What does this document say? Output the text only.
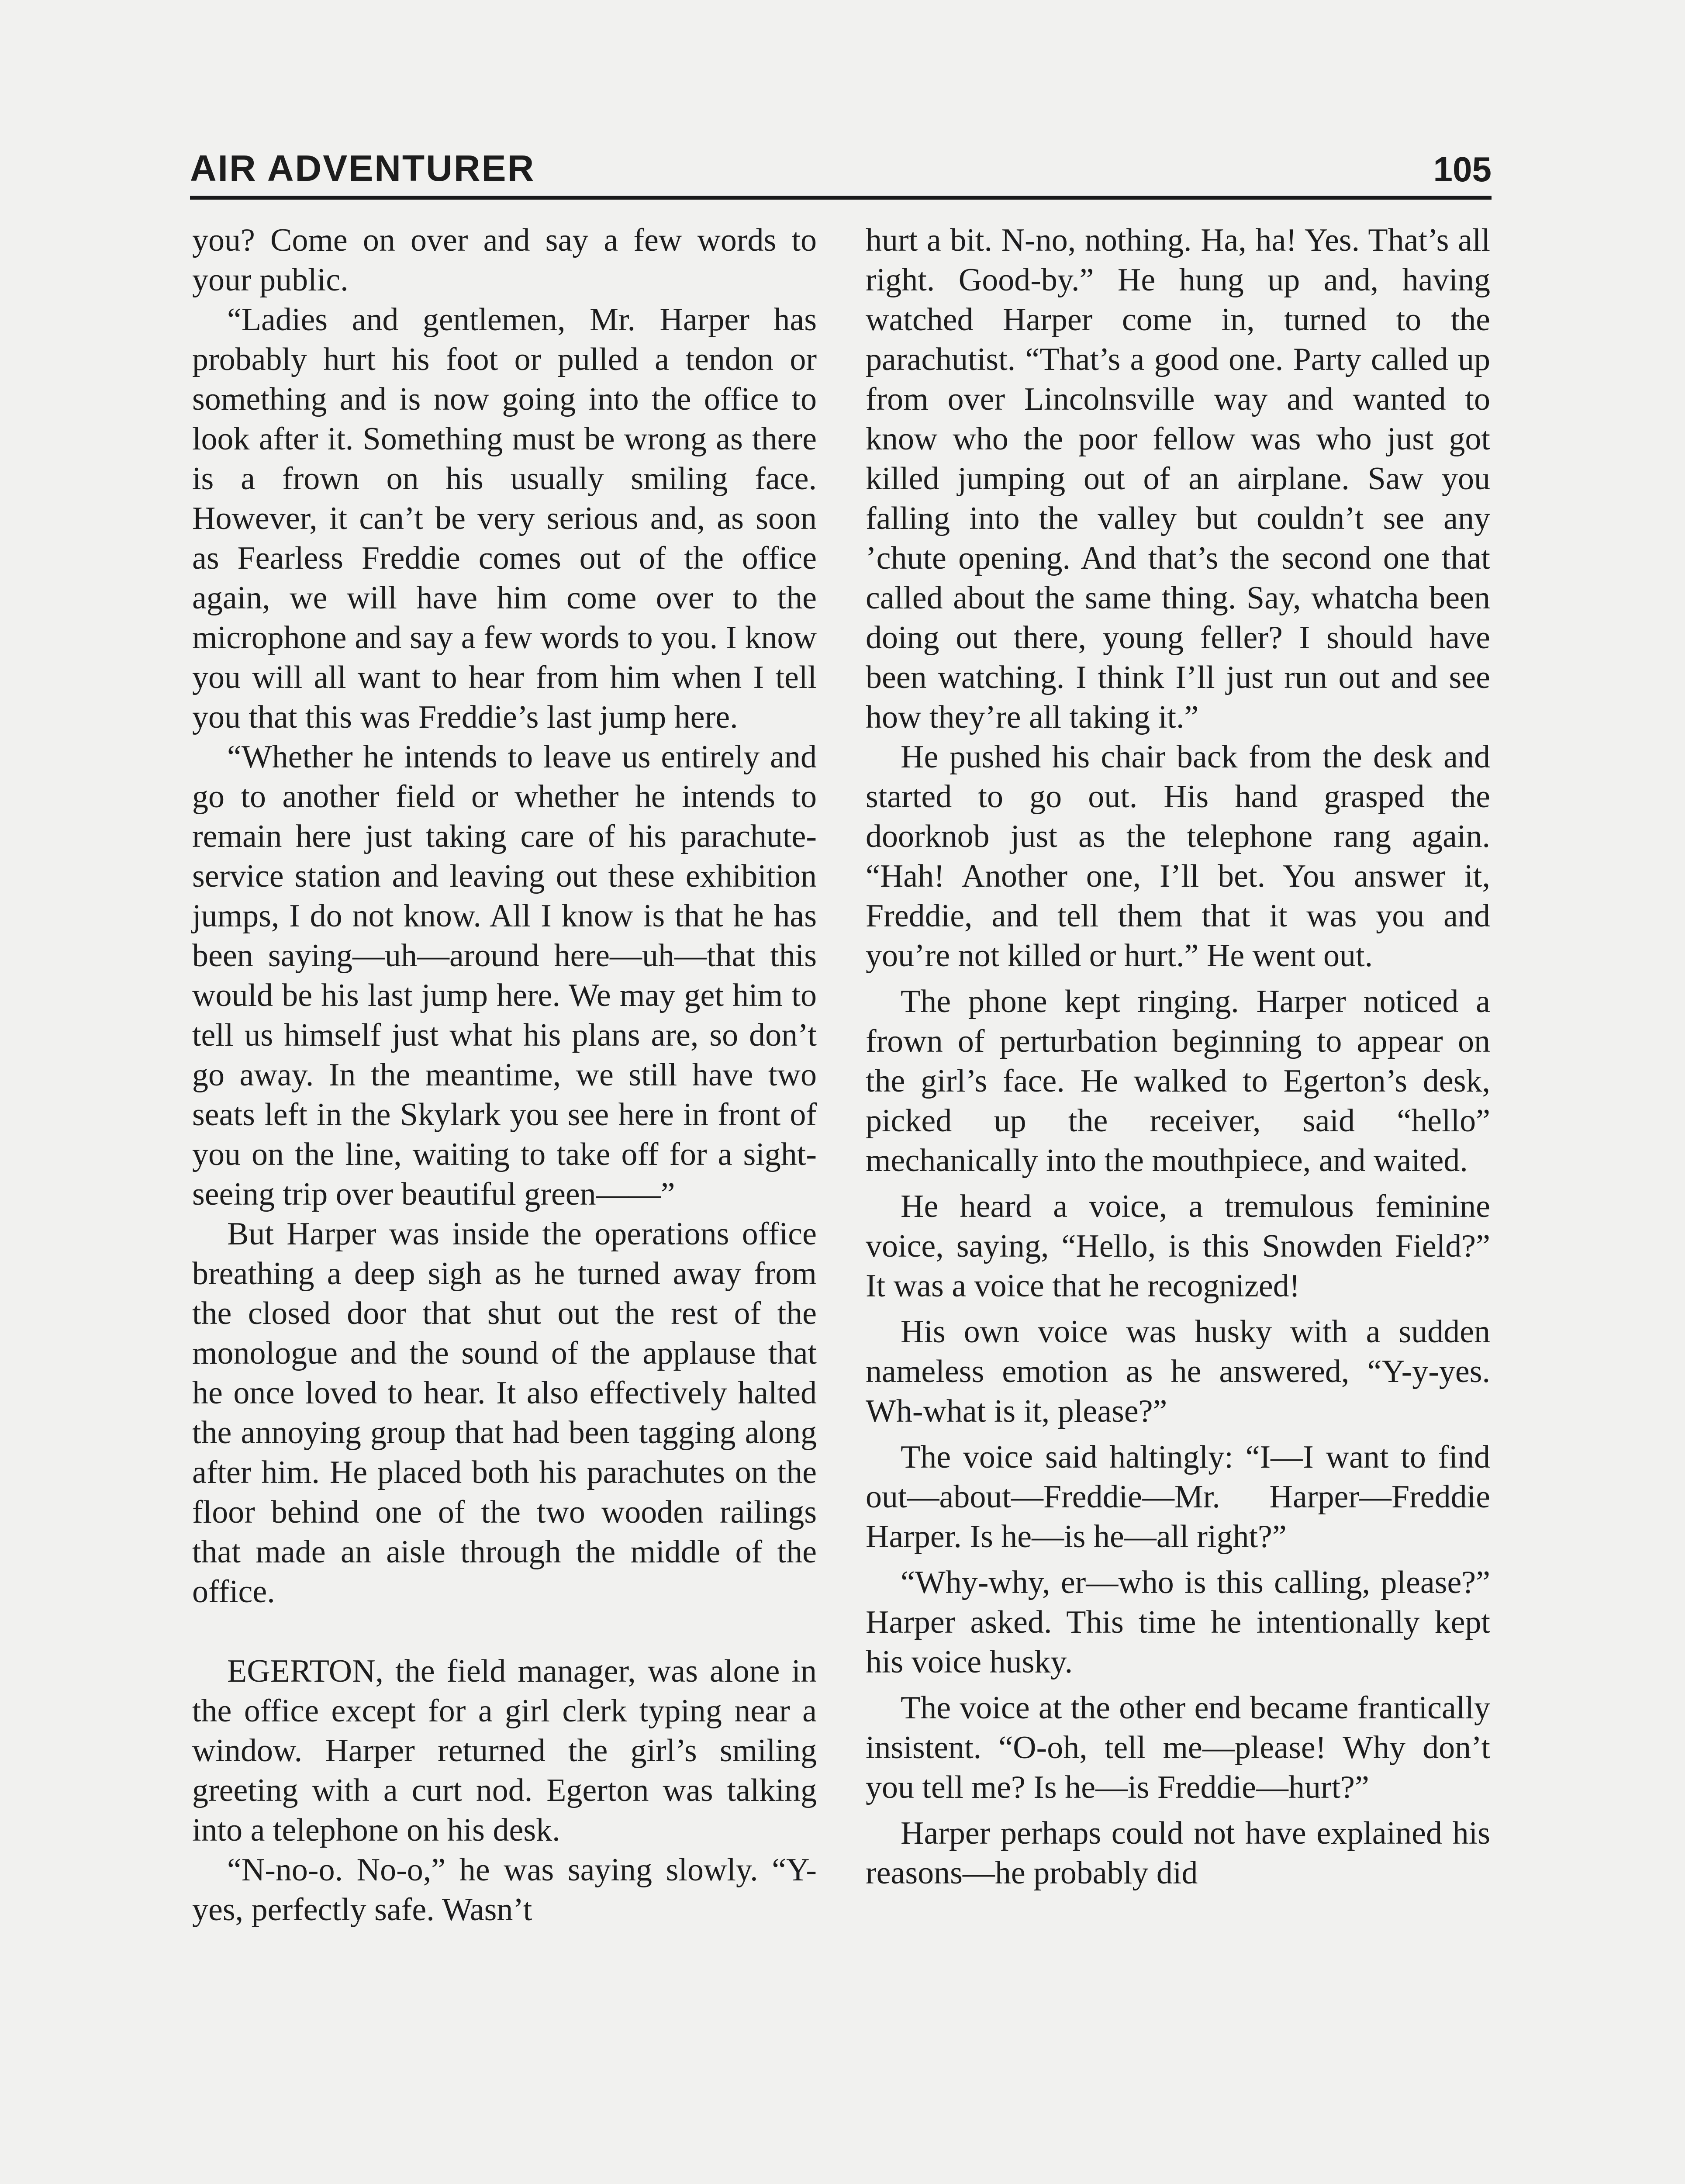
AIR ADVENTURER	105

you? Come on over and say a few words to your public.

“Ladies and gentlemen, Mr. Harper has probably hurt his foot or pulled a tendon or something and is now going into the office to look after it. Something must be wrong as there is a frown on his usually smiling face. However, it can’t be very serious and, as soon as Fearless Freddie comes out of the office again, we will have him come over to the microphone and say a few words to you. I know you will all want to hear from him when I tell you that this was Freddie’s last jump here.

“Whether he intends to leave us entirely and go to another field or whether he intends to remain here just taking care of his parachute-service station and leaving out these exhibition jumps, I do not know. All I know is that he has been saying—uh—around here—uh—that this would be his last jump here. We may get him to tell us himself just what his plans are, so don’t go away. In the meantime, we still have two seats left in the Skylark you see here in front of you on the line, waiting to take off for a sight-seeing trip over beautiful green——”

But Harper was inside the operations office breathing a deep sigh as he turned away from the closed door that shut out the rest of the monologue and the sound of the applause that he once loved to hear. It also effectively halted the annoying group that had been tagging along after him. He placed both his parachutes on the floor behind one of the two wooden railings that made an aisle through the middle of the office.

EGERTON, the field manager, was alone in the office except for a girl clerk typing near a window. Harper returned the girl’s smiling greeting with a curt nod. Egerton was talking into a telephone on his desk.

“N-no-o. No-o,” he was saying slowly. “Y-yes, perfectly safe. Wasn’t

hurt a bit. N-no, nothing. Ha, ha! Yes. That’s all right. Good-by.” He hung up and, having watched Harper come in, turned to the parachutist. “That’s a good one. Party called up from over Lincolnsville way and wanted to know who the poor fellow was who just got killed jumping out of an airplane. Saw you falling into the valley but couldn’t see any ’chute opening. And that’s the second one that called about the same thing. Say, whatcha been doing out there, young feller? I should have been watching. I think I’ll just run out and see how they’re all taking it.”

He pushed his chair back from the desk and started to go out. His hand grasped the doorknob just as the telephone rang again. “Hah! Another one, I’ll bet. You answer it, Freddie, and tell them that it was you and you’re not killed or hurt.” He went out.

The phone kept ringing. Harper noticed a frown of perturbation beginning to appear on the girl’s face. He walked to Egerton’s desk, picked up the receiver, said “hello” mechanically into the mouthpiece, and waited.

He heard a voice, a tremulous feminine voice, saying, “Hello, is this Snowden Field?” It was a voice that he recognized!

His own voice was husky with a sudden nameless emotion as he answered, “Y-y-yes. Wh-what is it, please?”

The voice said haltingly: “I—I want to find out—about—Freddie—Mr. Harper—Freddie Harper. Is he—is he—all right?”

“Why-why, er—who is this calling, please?” Harper asked. This time he intentionally kept his voice husky.

The voice at the other end became frantically insistent. “O-oh, tell me—please! Why don’t you tell me? Is he—is Freddie—hurt?”

Harper perhaps could not have explained his reasons—he probably did
